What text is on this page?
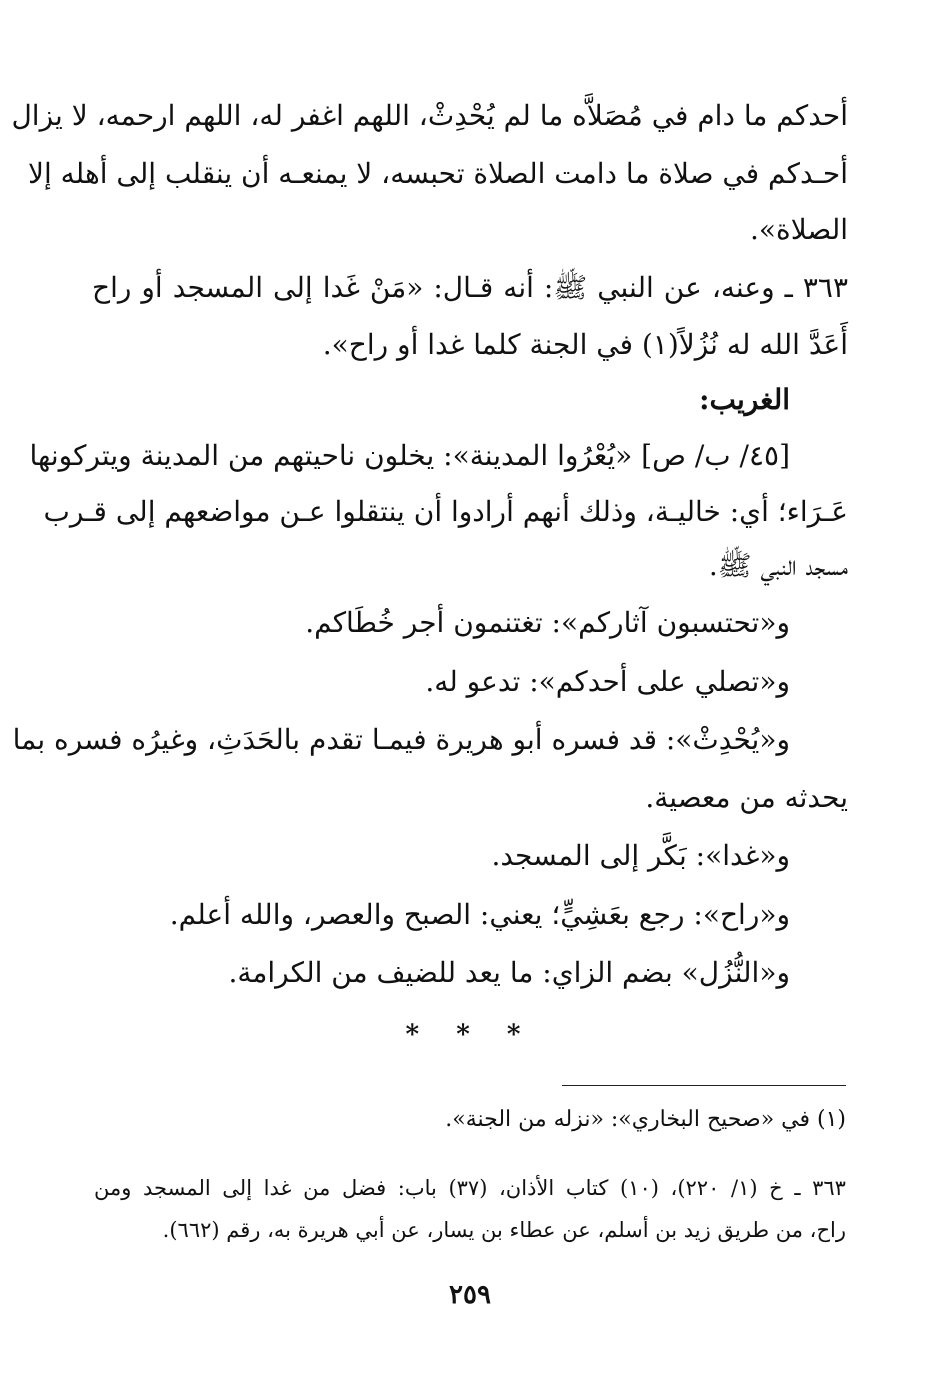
أحدكم ما دام في مُصَلاَّه ما لم يُحْدِثْ، اللهم اغفر له، اللهم ارحمه، لا يزال
أحـدكم في صلاة ما دامت الصلاة تحبسه، لا يمنعـه أن ينقلب إلى أهله إلا
الصلاة».
٣٦٣ ـ وعنه، عن النبي ﷺ: أنه قـال: «مَنْ غَدا إلى المسجد أو راح
أَعَدَّ الله له نُزُلاً(١) في الجنة كلما غدا أو راح».
الغريب:
[٤٥/ ب/ ص] «يُعْرُوا المدينة»: يخلون ناحيتهم من المدينة ويتركونها
عَـرَاء؛ أي: خاليـة، وذلك أنهم أرادوا أن ينتقلوا عـن مواضعهم إلى قـرب
مسجد النبي ﷺ.
و«تحتسبون آثاركم»: تغتنمون أجر خُطَاكم.
و«تصلي على أحدكم»: تدعو له.
و«يُحْدِثْ»: قد فسره أبو هريرة فيمـا تقدم بالحَدَثِ، وغيرُه فسره بما
يحدثه من معصية.
و«غدا»: بَكَّر إلى المسجد.
و«راح»: رجع بعَشِيٍّ؛ يعني: الصبح والعصر، والله أعلم.
و«النُّزُل» بضم الزاي: ما يعد للضيف من الكرامة.
* * *
(١) في «صحيح البخاري»: «نزله من الجنة».
٣٦٣ ـ خ (١/ ٢٢٠)، (١٠) كتاب الأذان، (٣٧) باب: فضل من غدا إلى المسجد ومن
راح، من طريق زيد بن أسلم، عن عطاء بن يسار، عن أبي هريرة به، رقم (٦٦٢).
٢٥٩
